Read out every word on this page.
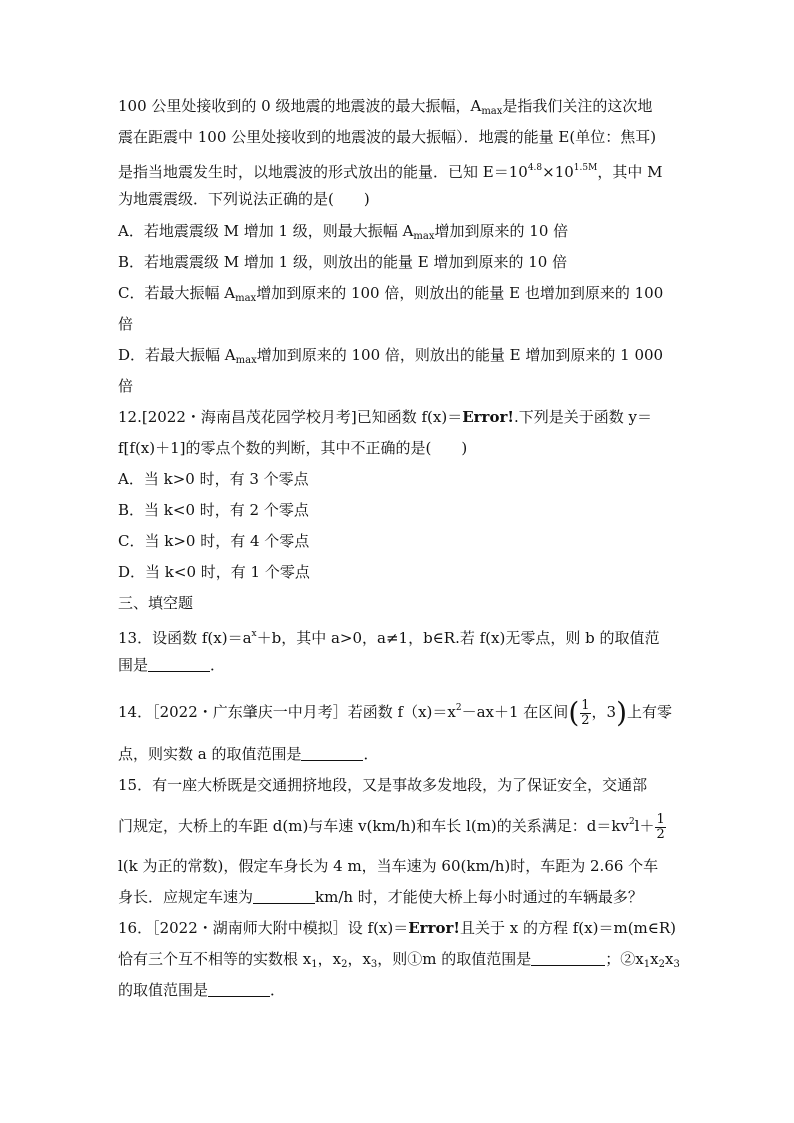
100 公里处接收到的 0 级地震的地震波的最大振幅，$A_{max}$是指我们关注的这次地
震在距震中 100 公里处接收到的地震波的最大振幅）．地震的能量 E(单位：焦耳)
是指当地震发生时，以地震波的形式放出的能量．已知 $E=10^{4.8}\times 10^{1.5M}$，其中 M
为地震震级．下列说法正确的是(　　)
A．若地震震级 M 增加 1 级，则最大振幅 $A_{max}$增加到原来的 10 倍
B．若地震震级 M 增加 1 级，则放出的能量 E 增加到原来的 10 倍
C．若最大振幅 $A_{max}$增加到原来的 100 倍，则放出的能量 E 也增加到原来的 100
倍
D．若最大振幅 $A_{max}$增加到原来的 100 倍，则放出的能量 E 增加到原来的 1 000
倍
12.[2022・海南昌茂花园学校月考]已知函数 f(x)＝Error!.下列是关于函数 y＝
f[f(x)＋1]的零点个数的判断，其中不正确的是(　　)
A．当 k>0 时，有 3 个零点
B．当 k<0 时，有 2 个零点
C．当 k>0 时，有 4 个零点
D．当 k<0 时，有 1 个零点
三、填空题
13．设函数 $f(x)=a^x+b$，其中 a>0，a≠1，b∈R.若 f(x)无零点，则 b 的取值范
围是	．
14．［2022・广东肇庆一中月考］若函数 $f(x)=x^2-ax+1$ 在区间( $\frac{1}{2}$ ，3)上有零
点，则实数 a 的取值范围是	．
15．有一座大桥既是交通拥挤地段，又是事故多发地段，为了保证安全，交通部
门规定，大桥上的车距 d(m)与车速 v(km/h)和车长 l(m)的关系满足：$d=kv^2l+ \frac{1}{2}$
l(k 为正的常数)，假定车身长为 4 m，当车速为 60(km/h)时，车距为 2.66 个车
身长．应规定车速为	km/h 时，才能使大桥上每小时通过的车辆最多？
16．［2022・湖南师大附中模拟］设 f(x)＝Error!且关于 x 的方程 f(x)＝m(m∈R)
恰有三个互不相等的实数根 $x_1$，$x_2$，$x_3$，则①m 的取值范围是	；$②x_1x_2x_3$
的取值范围是	．
